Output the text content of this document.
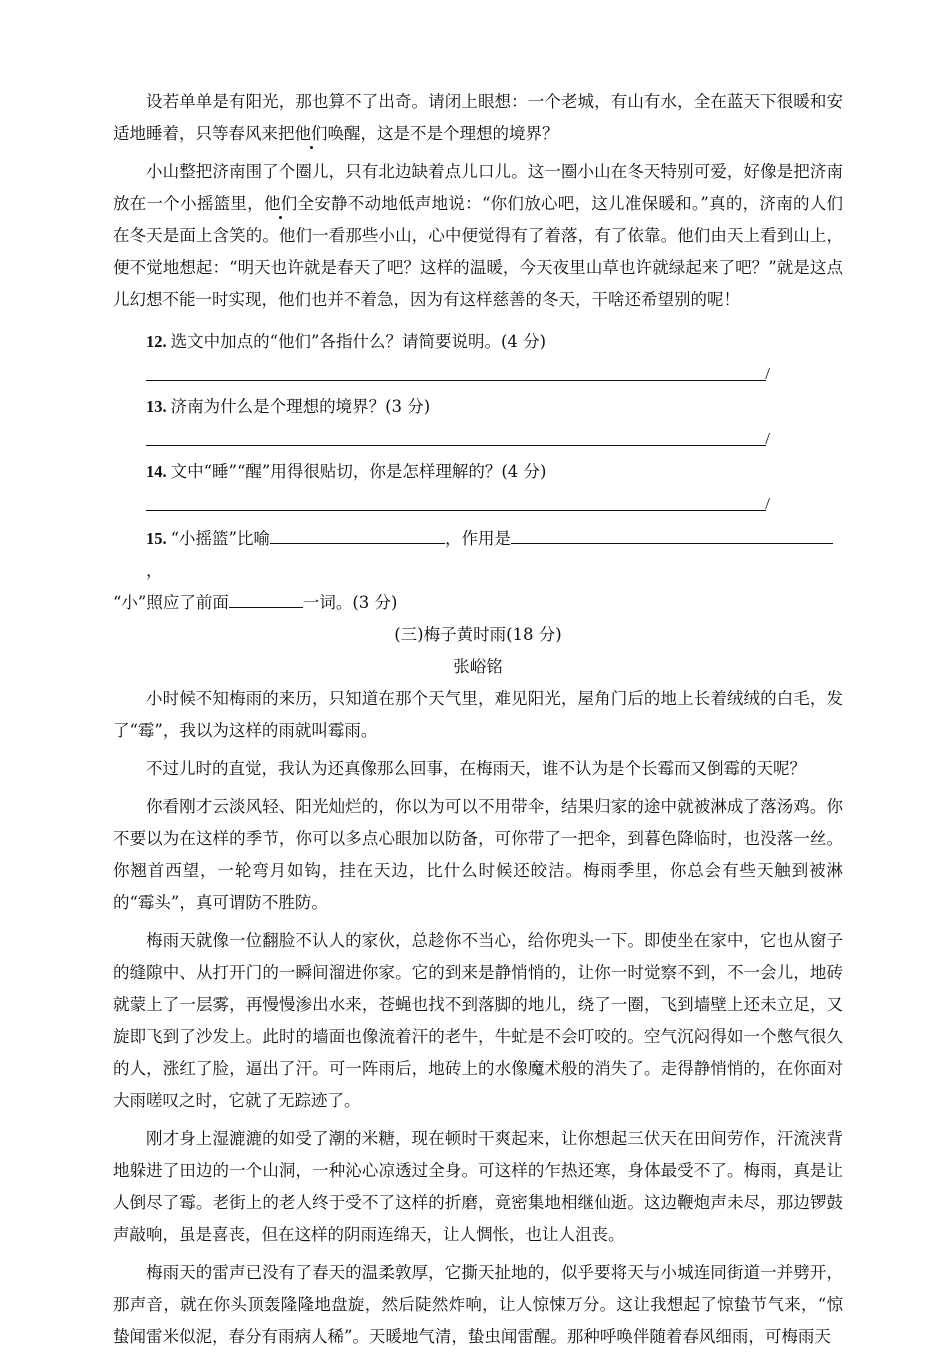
设若单单是有阳光，那也算不了出奇。请闭上眼想：一个老城，有山有水，全在蓝天下很暖和安适地睡着，只等春风来把他们唤醒，这是不是个理想的境界？

小山整把济南围了个圈儿，只有北边缺着点儿口儿。这一圈小山在冬天特别可爱，好像是把济南放在一个小摇篮里，他们全安静不动地低声地说：“你们放心吧，这儿准保暖和。”真的，济南的人们在冬天是面上含笑的。他们一看那些小山，心中便觉得有了着落，有了依靠。他们由天上看到山上，便不觉地想起：“明天也许就是春天了吧？这样的温暖，今天夜里山草也许就绿起来了吧？”就是这点儿幻想不能一时实现，他们也并不着急，因为有这样慈善的冬天，干啥还希望别的呢！

12. 选文中加点的“他们”各指什么？请简要说明。(4 分)
/
13. 济南为什么是个理想的境界？(3 分)
/
14. 文中“睡”“醒”用得很贴切，你是怎样理解的？(4 分)
/
15. “小摇篮”比喻	，作用是，
“小”照应了前面	一词。(3 分)
(三)梅子黄时雨(18 分)
张峪铭

小时候不知梅雨的来历，只知道在那个天气里，难见阳光，屋角门后的地上长着绒绒的白毛，发了“霉”，我以为这样的雨就叫霉雨。

不过儿时的直觉，我认为还真像那么回事，在梅雨天，谁不认为是个长霉而又倒霉的天呢？

你看刚才云淡风轻、阳光灿烂的，你以为可以不用带伞，结果归家的途中就被淋成了落汤鸡。你不要以为在这样的季节，你可以多点心眼加以防备，可你带了一把伞，到暮色降临时，也没落一丝。你翘首西望，一轮弯月如钩，挂在天边，比什么时候还皎洁。梅雨季里，你总会有些天触到被淋的“霉头”，真可谓防不胜防。

梅雨天就像一位翻脸不认人的家伙，总趁你不当心，给你兜头一下。即使坐在家中，它也从窗子的缝隙中、从打开门的一瞬间溜进你家。它的到来是静悄悄的，让你一时觉察不到，不一会儿，地砖就蒙上了一层雾，再慢慢渗出水来，苍蝇也找不到落脚的地儿，绕了一圈，飞到墙壁上还未立足，又旋即飞到了沙发上。此时的墙面也像流着汗的老牛，牛虻是不会叮咬的。空气沉闷得如一个憋气很久的人，涨红了脸，逼出了汗。可一阵雨后，地砖上的水像魔术般的消失了。走得静悄悄的，在你面对大雨嗟叹之时，它就了无踪迹了。

刚才身上湿漉漉的如受了潮的米糖，现在顿时干爽起来，让你想起三伏天在田间劳作，汗流浃背地躲进了田边的一个山洞，一种沁心凉透过全身。可这样的乍热还寒，身体最受不了。梅雨，真是让人倒尽了霉。老街上的老人终于受不了这样的折磨，竟密集地相继仙逝。这边鞭炮声未尽，那边锣鼓声敲响，虽是喜丧，但在这样的阴雨连绵天，让人惆怅，也让人沮丧。

梅雨天的雷声已没有了春天的温柔敦厚，它撕天扯地的，似乎要将天与小城连同街道一并劈开，那声音，就在你头顶轰隆隆地盘旋，然后陡然炸响，让人惊悚万分。这让我想起了惊蛰节气来，“惊蛰闻雷米似泥，春分有雨病人稀”。天暖地气清，蛰虫闻雷醒。那种呼唤伴随着春风细雨，可梅雨天
